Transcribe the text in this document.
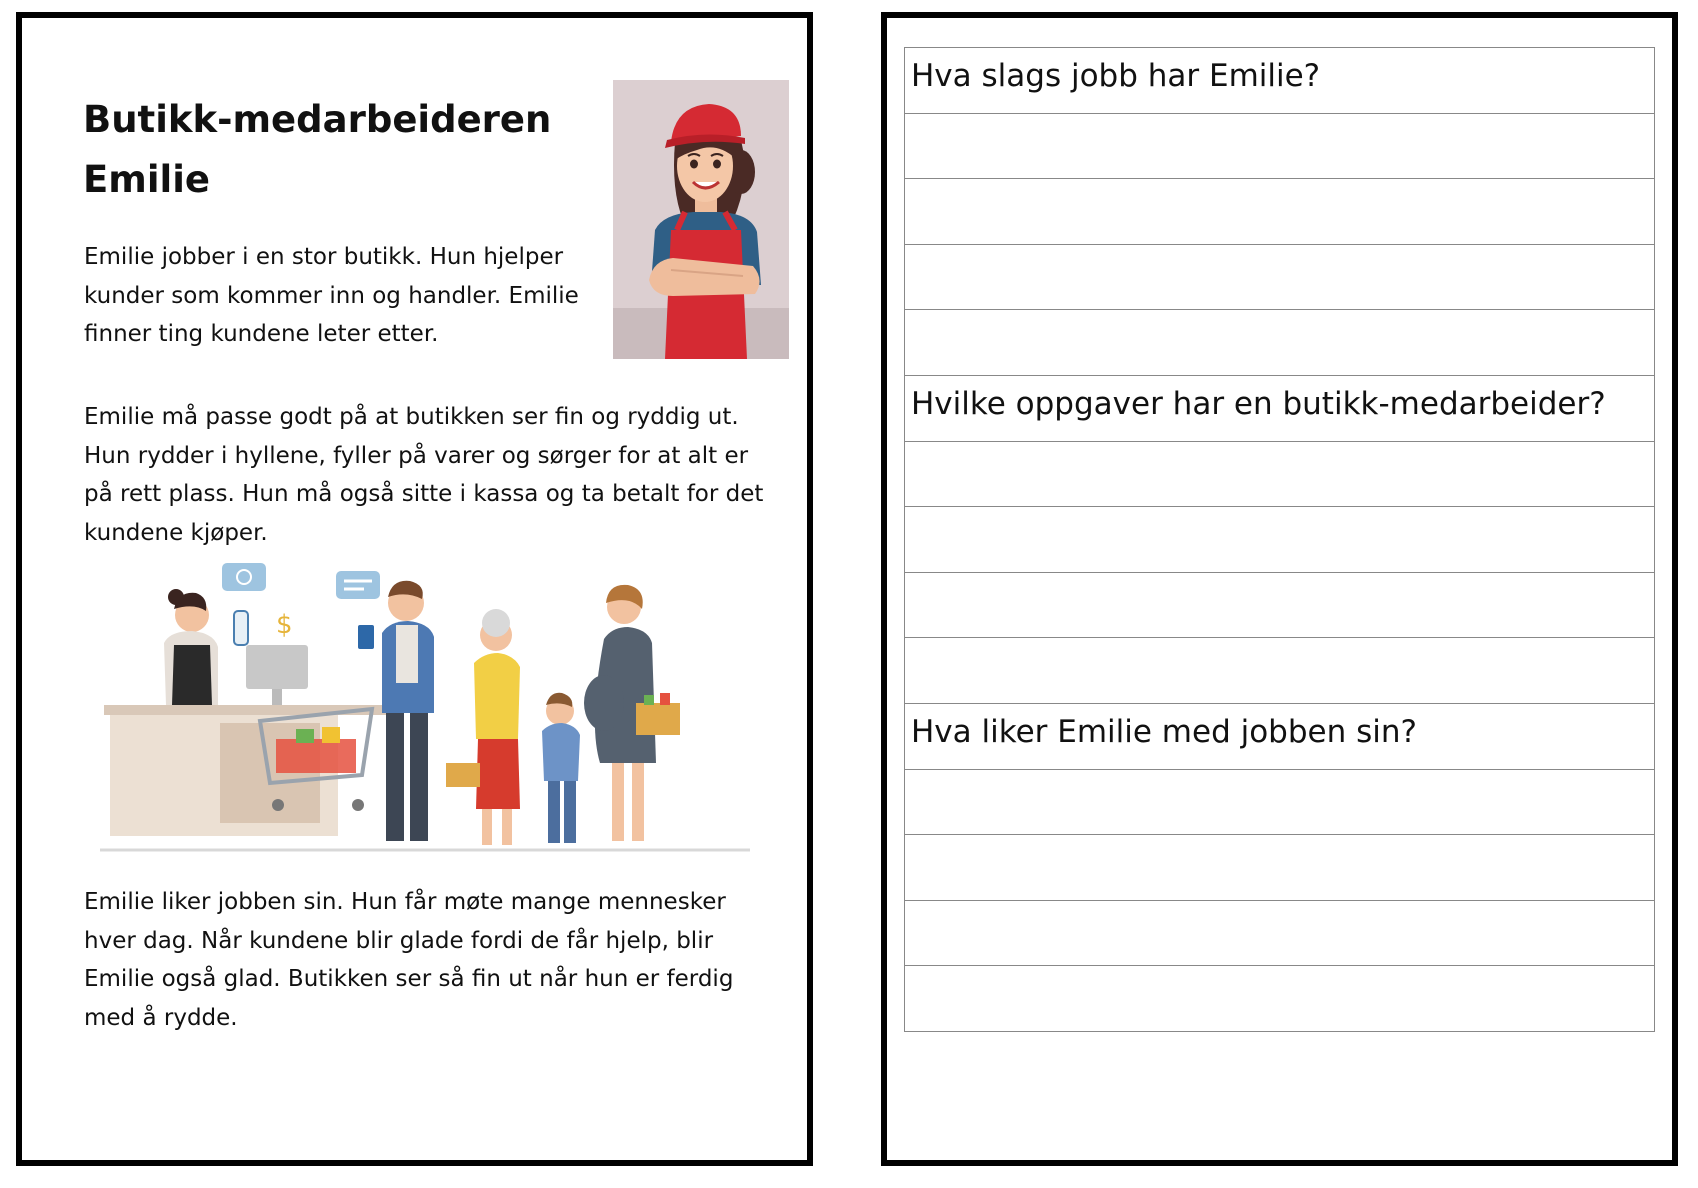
Butikk-medarbeideren
Emilie

Emilie jobber i en stor butikk. Hun hjelper kunder som kommer inn og handler. Emilie finner ting kundene leter etter.

Emilie må passe godt på at butikken ser fin og ryddig ut. Hun rydder i hyllene, fyller på varer og sørger for at alt er på rett plass. Hun må også sitte i kassa og ta betalt for det kundene kjøper.

$

Emilie liker jobben sin. Hun får møte mange mennesker hver dag. Når kundene blir glade fordi de får hjelp, blir Emilie også glad. Butikken ser så fin ut når hun er ferdig med å rydde.

Hva slags jobb har Emilie?
Hvilke oppgaver har en butikk-medarbeider?
Hva liker Emilie med jobben sin?
